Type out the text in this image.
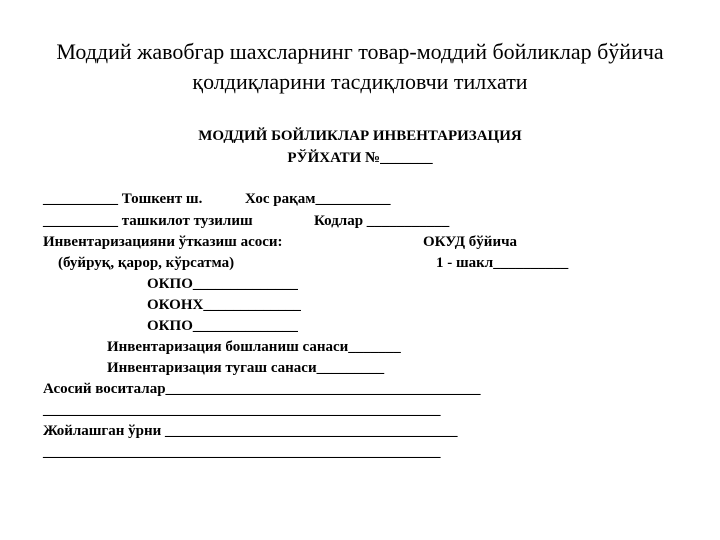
Моддий жавобгар шахсларнинг товар-моддий бойликлар бўйича
қолдиқларини тасдиқловчи тилхати
МОДДИЙ БОЙЛИКЛАР ИНВЕНТАРИЗАЦИЯ
РЎЙХАТИ №_______
__________ Тошкент ш.	Хос рақам__________
__________ ташкилот тузилиш	Кодлар ___________
Инвентаризацияни ўтказиш асоси:	ОКУД бўйича
(буйруқ, қарор, кўрсатма)	1 - шакл__________
ОКПО______________
ОКОНХ_____________
ОКПО______________
Инвентаризация бошланиш санаси_______
Инвентаризация тугаш санаси_________
Асосий воситалар__________________________________________
_____________________________________________________
Жойлашган ўрни _______________________________________
_____________________________________________________
